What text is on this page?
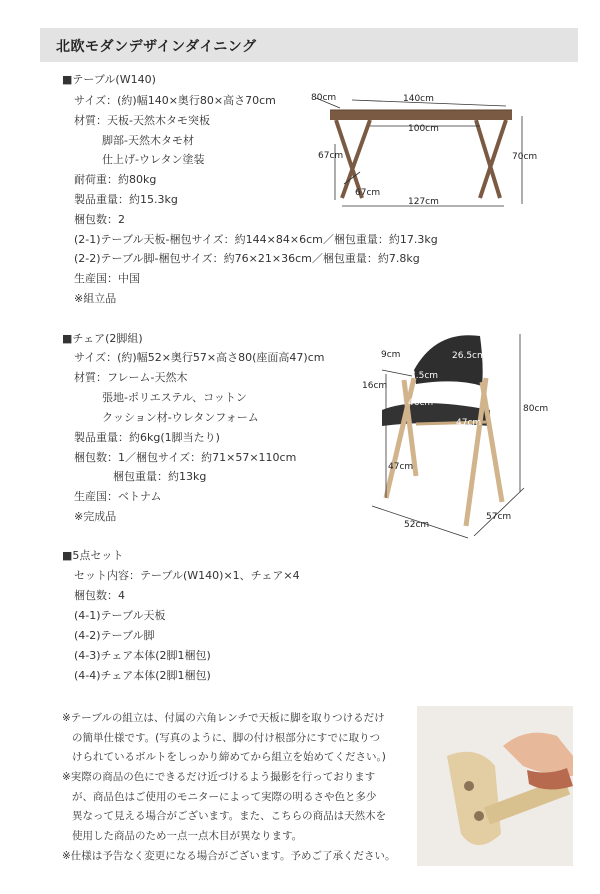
北欧モダンデザインダイニング
■テーブル(W140)
サイズ：(約)幅140×奥行80×高さ70cm
材質：天板-天然木タモ突板
脚部-天然木タモ材
仕上げ-ウレタン塗装
耐荷重：約80kg
製品重量：約15.3kg
梱包数：2
(2-1)テーブル天板-梱包サイズ：約144×84×6cm／梱包重量：約17.3kg
(2-2)テーブル脚-梱包サイズ：約76×21×36cm／梱包重量：約7.8kg
生産国：中国
※組立品
80cm	140cm
100cm
67cm	70cm
67cm
127cm
■チェア(2脚組)
サイズ：(約)幅52×奥行57×高さ80(座面高47)cm
材質：フレーム-天然木
張地-ポリエステル、コットン
クッション材-ウレタンフォーム
製品重量：約6kg(1脚当たり)
梱包数：1／梱包サイズ：約71×57×110cm
梱包重量：約13kg
生産国：ベトナム
※完成品
9cm	26.5cm
7.5cm
16cm
46cm
47cm
80cm
47cm
52cm
57cm
■5点セット
セット内容：テーブル(W140)×1、チェア×4
梱包数：4
(4-1)テーブル天板
(4-2)テーブル脚
(4-3)チェア本体(2脚1梱包)
(4-4)チェア本体(2脚1梱包)
※テーブルの組立は、付属の六角レンチで天板に脚を取りつけるだけ
の簡単仕様です。(写真のように、脚の付け根部分にすでに取りつ
けられているボルトをしっかり締めてから組立を始めてください。)
※実際の商品の色にできるだけ近づけるよう撮影を行っております
が、商品色はご使用のモニターによって実際の明るさや色と多少
異なって見える場合がございます。また、こちらの商品は天然木を
使用した商品のため一点一点木目が異なります。
※仕様は予告なく変更になる場合がございます。予めご了承ください。
